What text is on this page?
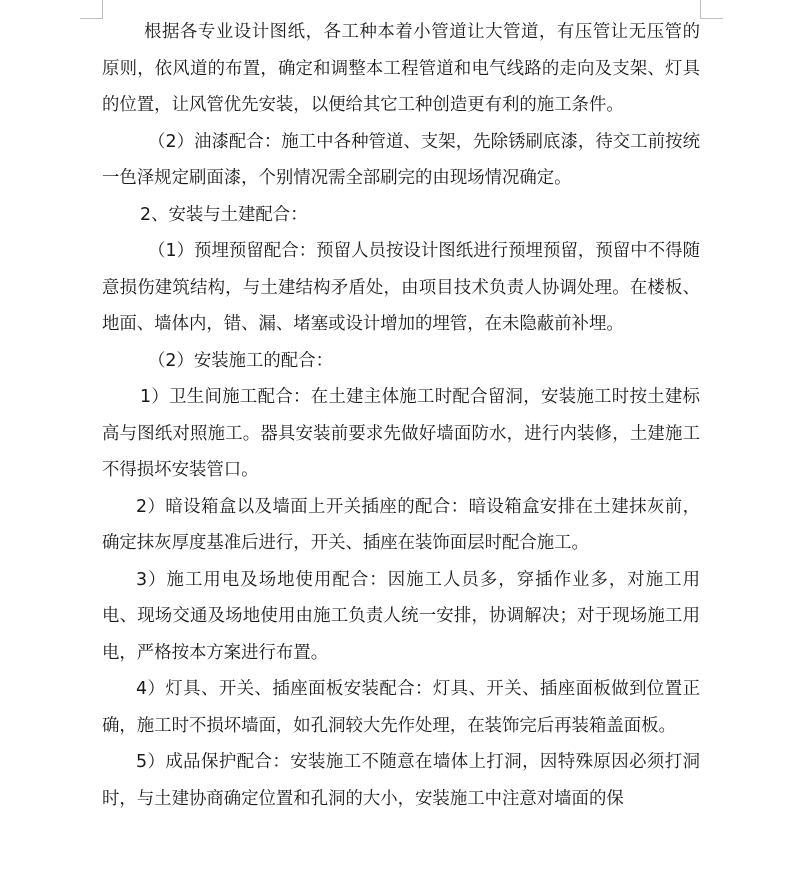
根据各专业设计图纸，各工种本着小管道让大管道，有压管让无压管的原则，依风道的布置，确定和调整本工程管道和电气线路的走向及支架、灯具的位置，让风管优先安装，以便给其它工种创造更有利的施工条件。

（2）油漆配合：施工中各种管道、支架，先除锈刷底漆，待交工前按统一色泽规定刷面漆，个别情况需全部刷完的由现场情况确定。

2、安装与土建配合：

（1）预埋预留配合：预留人员按设计图纸进行预埋预留，预留中不得随意损伤建筑结构，与土建结构矛盾处，由项目技术负责人协调处理。在楼板、地面、墙体内，错、漏、堵塞或设计增加的埋管，在未隐蔽前补埋。

（2）安装施工的配合：

1）卫生间施工配合：在土建主体施工时配合留洞，安装施工时按土建标高与图纸对照施工。器具安装前要求先做好墙面防水，进行内装修，土建施工不得损坏安装管口。

2）暗设箱盒以及墙面上开关插座的配合：暗设箱盒安排在土建抹灰前，确定抹灰厚度基准后进行，开关、插座在装饰面层时配合施工。

3）施工用电及场地使用配合：因施工人员多，穿插作业多，对施工用电、现场交通及场地使用由施工负责人统一安排，协调解决；对于现场施工用电，严格按本方案进行布置。

4）灯具、开关、插座面板安装配合：灯具、开关、插座面板做到位置正确，施工时不损坏墙面，如孔洞较大先作处理，在装饰完后再装箱盖面板。

5）成品保护配合：安装施工不随意在墙体上打洞，因特殊原因必须打洞时，与土建协商确定位置和孔洞的大小，安装施工中注意对墙面的保
